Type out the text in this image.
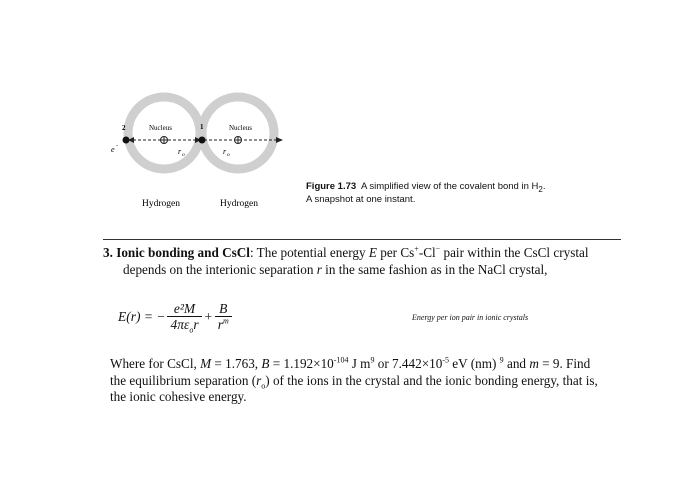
Nucleus	Nucleus
2	1
e -
r o	r o
Hydrogen	Hydrogen
Figure 1.73 A simplified view of the covalent bond in $H_2$.
A snapshot at one instant.
3. Ionic bonding and CsCl: The potential energy E per Cs+-Cl− pair within the CsCl crystal
depends on the interionic separation r in the same fashion as in the NaCl crystal,
E(r) = − $\frac{\text{e²M}}{4\pi\varepsilon_or} + \frac{B}{r^m}$	Energy per ion pair in ionic crystals
Where for CsCl, M = 1.763, $B = 1.192\times 10^{-104}$ J $m^9$ or $7.442\times 10^{-5}$ eV (nm) $^9$ and m = 9. Find
the equilibrium separation $(r_o)$ of the ions in the crystal and the ionic bonding energy, that is,
the ionic cohesive energy.
